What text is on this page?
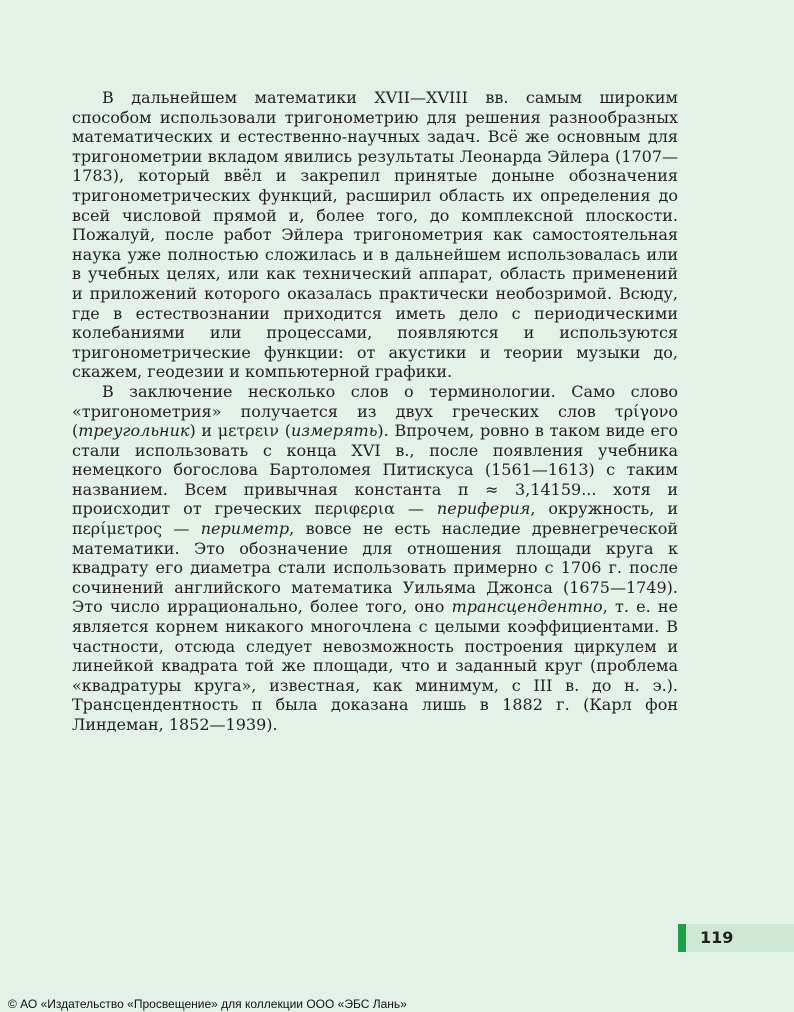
В дальнейшем математики XVII—XVIII вв. самым широким способом использовали тригонометрию для решения разнообразных математических и естественно-научных задач. Всё же основным для тригонометрии вкладом явились результаты Леонарда Эйлера (1707—1783), который ввёл и закрепил принятые доныне обозначения тригонометрических функций, расширил область их определения до всей числовой прямой и, более того, до комплексной плоскости. Пожалуй, после работ Эйлера тригонометрия как самостоятельная наука уже полностью сложилась и в дальнейшем использовалась или в учебных целях, или как технический аппарат, область применений и приложений которого оказалась практически необозримой. Всюду, где в естествознании приходится иметь дело с периодическими колебаниями или процессами, появляются и используются тригонометрические функции: от акустики и теории музыки до, скажем, геодезии и компьютерной графики.

В заключение несколько слов о терминологии. Само слово «тригонометрия» получается из двух греческих слов τρίγονο (треугольник) и μετρειν (измерять). Впрочем, ровно в таком виде его стали использовать с конца XVI в., после появления учебника немецкого богослова Бартоломея Питискуса (1561—1613) с таким названием. Всем привычная константа π ≈ 3,14159... хотя и происходит от греческих περιφερια — периферия, окружность, и περίμετρος — периметр, вовсе не есть наследие древнегреческой математики. Это обозначение для отношения площади круга к квадрату его диаметра стали использовать примерно с 1706 г. после сочинений английского математика Уильяма Джонса (1675—1749). Это число иррационально, более того, оно трансцендентно, т. е. не является корнем никакого многочлена с целыми коэффициентами. В частности, отсюда следует невозможность построения циркулем и линейкой квадрата той же площади, что и заданный круг (проблема «квадратуры круга», известная, как минимум, с III в. до н. э.). Трансцендентность π была доказана лишь в 1882 г. (Карл фон Линдеман, 1852—1939).

119
© АО «Издательство «Просвещение» для коллекции ООО «ЭБС Лань»
